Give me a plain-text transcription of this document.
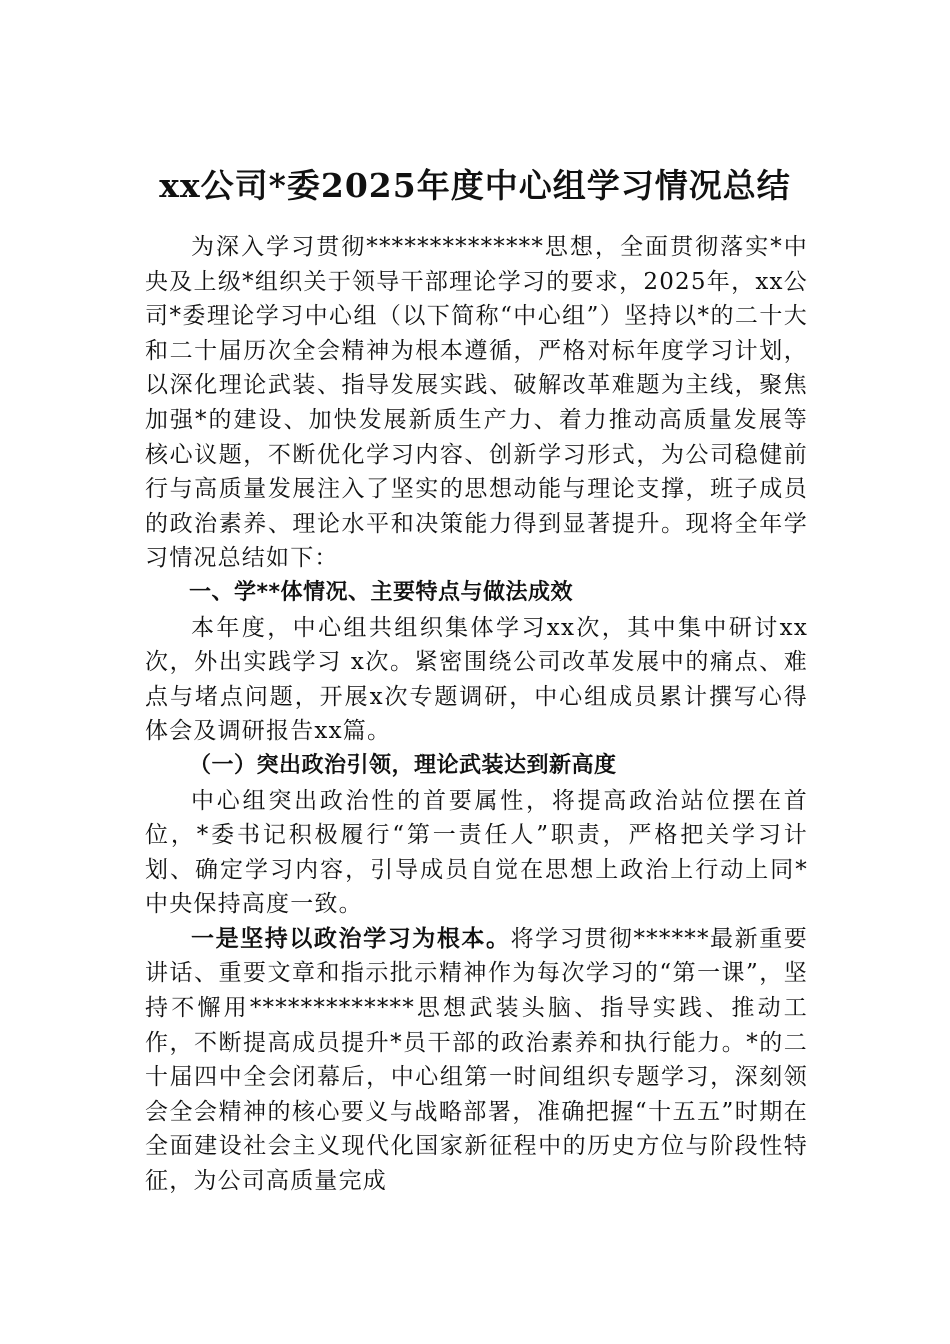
xx公司*委2025年度中心组学习情况总结

为深入学习贯彻**************思想，全面贯彻落实*中央及上级*组织关于领导干部理论学习的要求，2025年，xx公司*委理论学习中心组（以下简称“中心组”）坚持以*的二十大和二十届历次全会精神为根本遵循，严格对标年度学习计划，以深化理论武装、指导发展实践、破解改革难题为主线，聚焦加强*的建设、加快发展新质生产力、着力推动高质量发展等核心议题，不断优化学习内容、创新学习形式，为公司稳健前行与高质量发展注入了坚实的思想动能与理论支撑，班子成员的政治素养、理论水平和决策能力得到显著提升。现将全年学习情况总结如下：

一、学**体情况、主要特点与做法成效

本年度，中心组共组织集体学习xx次，其中集中研讨xx次，外出实践学习 x次。紧密围绕公司改革发展中的痛点、难点与堵点问题，开展x次专题调研，中心组成员累计撰写心得体会及调研报告xx篇。

（一）突出政治引领，理论武装达到新高度

中心组突出政治性的首要属性，将提高政治站位摆在首位，*委书记积极履行“第一责任人”职责，严格把关学习计划、确定学习内容，引导成员自觉在思想上政治上行动上同*中央保持高度一致。

一是坚持以政治学习为根本。将学习贯彻******最新重要讲话、重要文章和指示批示精神作为每次学习的“第一课”，坚持不懈用*************思想武装头脑、指导实践、推动工作，不断提高成员提升*员干部的政治素养和执行能力。*的二十届四中全会闭幕后，中心组第一时间组织专题学习，深刻领会全会精神的核心要义与战略部署，准确把握“十五五”时期在全面建设社会主义现代化国家新征程中的历史方位与阶段性特征，为公司高质量完成
